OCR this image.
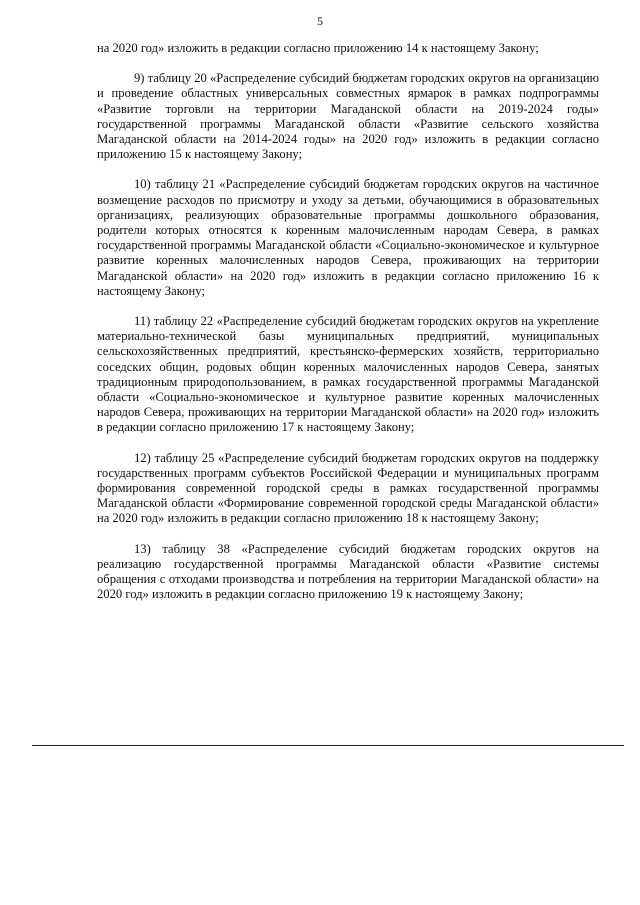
5

на 2020 год» изложить в редакции согласно приложению 14 к настоящему Закону;

9) таблицу 20 «Распределение субсидий бюджетам городских округов на организацию и проведение областных универсальных совместных ярмарок в рамках подпрограммы «Развитие торговли на территории Магаданской области на 2019-2024 годы» государственной программы Магаданской области «Развитие сельского хозяйства Магаданской области на 2014-2024 годы» на 2020 год» изложить в редакции согласно приложению 15 к настоящему Закону;

10) таблицу 21 «Распределение субсидий бюджетам городских округов на частичное возмещение расходов по присмотру и уходу за детьми, обучающимися в образовательных организациях, реализующих образовательные программы дошкольного образования, родители которых относятся к коренным малочисленным народам Севера, в рамках государственной программы Магаданской области «Социально-экономическое и культурное развитие коренных малочисленных народов Севера, проживающих на территории Магаданской области» на 2020 год» изложить в редакции согласно приложению 16 к настоящему Закону;

11) таблицу 22 «Распределение субсидий бюджетам городских округов на укрепление материально-технической базы муниципальных предприятий, муниципальных сельскохозяйственных предприятий, крестьянско-фермерских хозяйств, территориально соседских общин, родовых общин коренных малочисленных народов Севера, занятых традиционным природопользованием, в рамках государственной программы Магаданской области «Социально-экономическое и культурное развитие коренных малочисленных народов Севера, проживающих на территории Магаданской области» на 2020 год» изложить в редакции согласно приложению 17 к настоящему Закону;

12) таблицу 25 «Распределение субсидий бюджетам городских округов на поддержку государственных программ субъектов Российской Федерации и муниципальных программ формирования современной городской среды в рамках государственной программы Магаданской области «Формирование современной городской среды Магаданской области» на 2020 год» изложить в редакции согласно приложению 18 к настоящему Закону;

13) таблицу 38 «Распределение субсидий бюджетам городских округов на реализацию государственной программы Магаданской области «Развитие системы обращения с отходами производства и потребления на территории Магаданской области» на 2020 год» изложить в редакции согласно приложению 19 к настоящему Закону;
